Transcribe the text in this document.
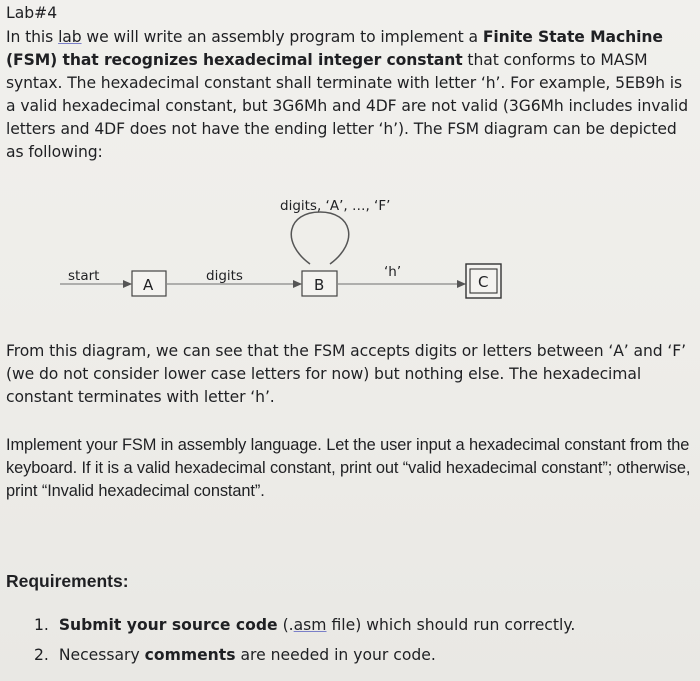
Lab#4
In this lab we will write an assembly program to implement a Finite State Machine (FSM) that recognizes hexadecimal integer constant that conforms to MASM syntax. The hexadecimal constant shall terminate with letter ‘h’. For example, 5EB9h is a valid hexadecimal constant, but 3G6Mh and 4DF are not valid (3G6Mh includes invalid letters and 4DF does not have the ending letter ‘h’). The FSM diagram can be depicted as following:
digits, ‘A’, …, ‘F’
start	A	digits	B
‘h’
C
From this diagram, we can see that the FSM accepts digits or letters between ‘A’ and ‘F’ (we do not consider lower case letters for now) but nothing else. The hexadecimal constant terminates with letter ‘h’.
Implement your FSM in assembly language. Let the user input a hexadecimal constant from the keyboard. If it is a valid hexadecimal constant, print out “valid hexadecimal constant”; otherwise, print “Invalid hexadecimal constant”.
Requirements:
1. Submit your source code (.asm file) which should run correctly.
2. Necessary comments are needed in your code.
